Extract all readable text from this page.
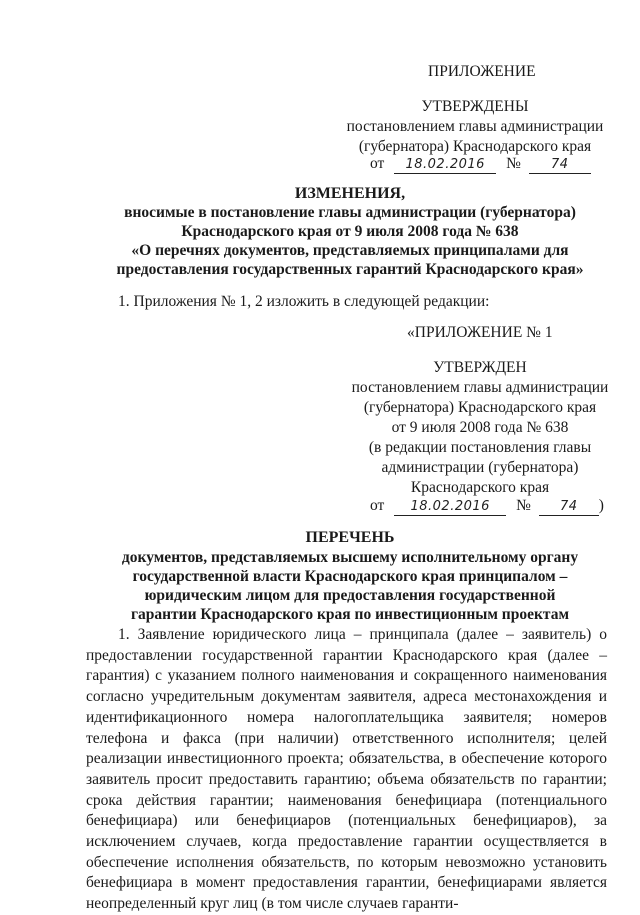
ПРИЛОЖЕНИЕ
УТВЕРЖДЕНЫ
постановлением главы администрации
(губернатора) Краснодарского края
от 18.02.2016 № 74
ИЗМЕНЕНИЯ,
вносимые в постановление главы администрации (губернатора)
Краснодарского края от 9 июля 2008 года № 638
«О перечнях документов, представляемых принципалами для
предоставления государственных гарантий Краснодарского края»
1. Приложения № 1, 2 изложить в следующей редакции:
«ПРИЛОЖЕНИЕ № 1
УТВЕРЖДЕН
постановлением главы администрации
(губернатора) Краснодарского края
от 9 июля 2008 года № 638
(в редакции постановления главы
администрации (губернатора)
Краснодарского края
от 18.02.2016 № 74 )
ПЕРЕЧЕНЬ
документов, представляемых высшему исполнительному органу
государственной власти Краснодарского края принципалом –
юридическим лицом для предоставления государственной
гарантии Краснодарского края по инвестиционным проектам

1. Заявление юридического лица – принципала (далее – заявитель) о предоставлении государственной гарантии Краснодарского края (далее – гарантия) с указанием полного наименования и сокращенного наименования согласно учредительным документам заявителя, адреса местонахождения и идентификационного номера налогоплательщика заявителя; номеров телефона и факса (при наличии) ответственного исполнителя; целей реализации инвестиционного проекта; обязательства, в обеспечение которого заявитель просит предоставить гарантию; объема обязательств по гарантии; срока действия гарантии; наименования бенефициара (потенциального бенефициара) или бенефициаров (потенциальных бенефициаров), за исключением случаев, когда предоставление гарантии осуществляется в обеспечение исполнения обязательств, по которым невозможно установить бенефициара в момент предоставления гарантии, бенефициарами является неопределенный круг лиц (в том числе случаев гаранти-
